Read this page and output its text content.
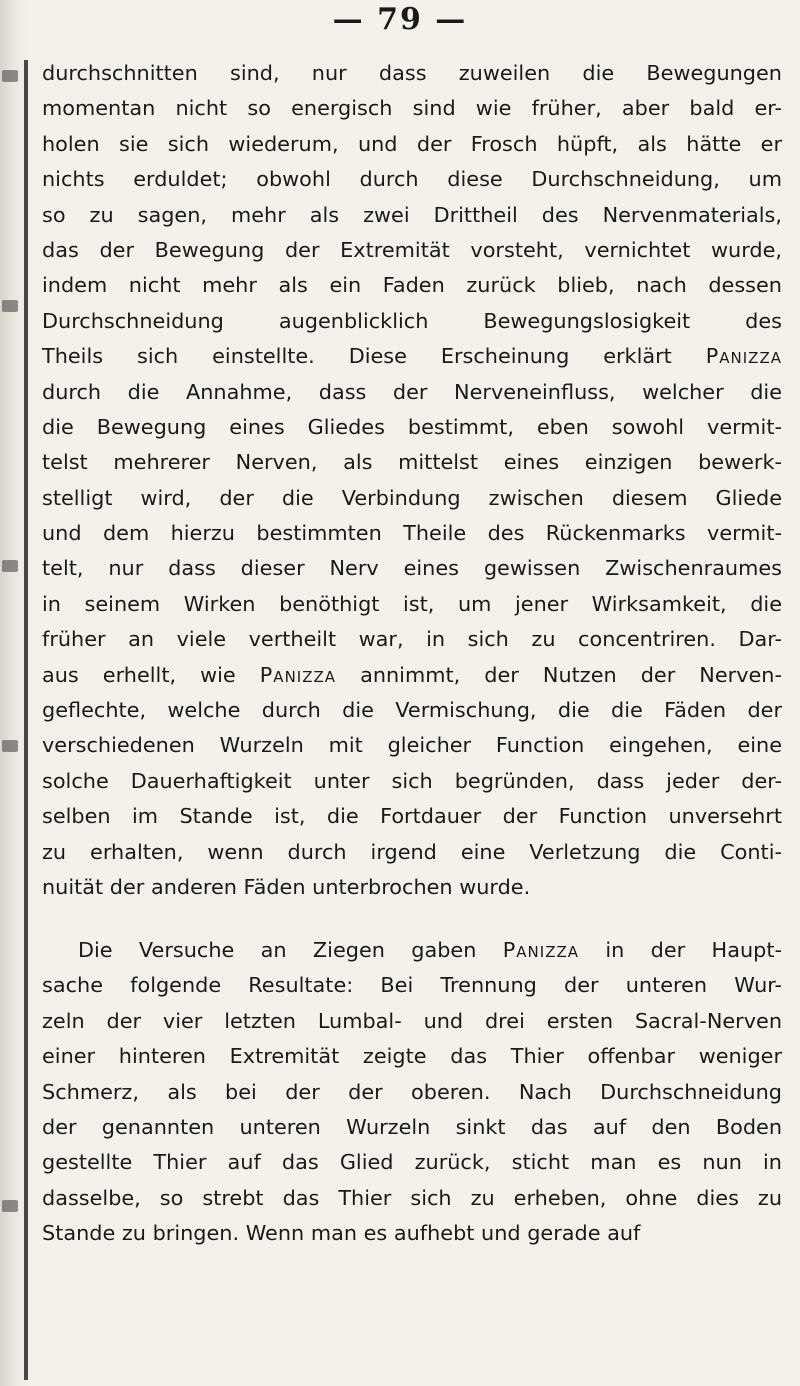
— 79 —
durchschnitten sind, nur dass zuweilen die Bewegungen
momentan nicht so energisch sind wie früher, aber bald er-
holen sie sich wiederum, und der Frosch hüpft, als hätte er
nichts erduldet; obwohl durch diese Durchschneidung, um
so zu sagen, mehr als zwei Drittheil des Nervenmaterials,
das der Bewegung der Extremität vorsteht, vernichtet wurde,
indem nicht mehr als ein Faden zurück blieb, nach dessen
Durchschneidung augenblicklich Bewegungslosigkeit des
Theils sich einstellte. Diese Erscheinung erklärt Panizza
durch die Annahme, dass der Nerveneinfluss, welcher die
die Bewegung eines Gliedes bestimmt, eben sowohl vermit-
telst mehrerer Nerven, als mittelst eines einzigen bewerk-
stelligt wird, der die Verbindung zwischen diesem Gliede
und dem hierzu bestimmten Theile des Rückenmarks vermit-
telt, nur dass dieser Nerv eines gewissen Zwischenraumes
in seinem Wirken benöthigt ist, um jener Wirksamkeit, die
früher an viele vertheilt war, in sich zu concentriren. Dar-
aus erhellt, wie Panizza annimmt, der Nutzen der Nerven-
geflechte, welche durch die Vermischung, die die Fäden der
verschiedenen Wurzeln mit gleicher Function eingehen, eine
solche Dauerhaftigkeit unter sich begründen, dass jeder der-
selben im Stande ist, die Fortdauer der Function unversehrt
zu erhalten, wenn durch irgend eine Verletzung die Conti-
nuität der anderen Fäden unterbrochen wurde.
Die Versuche an Ziegen gaben Panizza in der Haupt-
sache folgende Resultate: Bei Trennung der unteren Wur-
zeln der vier letzten Lumbal- und drei ersten Sacral-Nerven
einer hinteren Extremität zeigte das Thier offenbar weniger
Schmerz, als bei der der oberen. Nach Durchschneidung
der genannten unteren Wurzeln sinkt das auf den Boden
gestellte Thier auf das Glied zurück, sticht man es nun in
dasselbe, so strebt das Thier sich zu erheben, ohne dies zu
Stande zu bringen. Wenn man es aufhebt und gerade auf
